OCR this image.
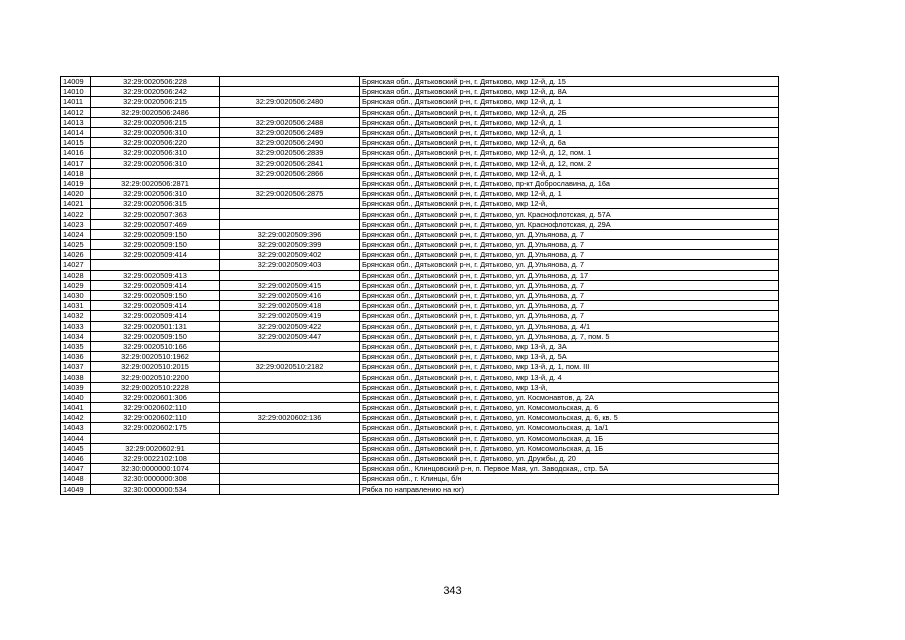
14009	32:29:0020506:228		Брянская обл., Дятьковский р-н, г. Дятьково, мкр 12-й, д. 15
14010	32:29:0020506:242		Брянская обл., Дятьковский р-н, г. Дятьково, мкр 12-й, д. 8А
14011	32:29:0020506:215	32:29:0020506:2480	Брянская обл., Дятьковский р-н, г. Дятьково, мкр 12-й, д. 1
14012	32:29:0020506:2486		Брянская обл., Дятьковский р-н, г. Дятьково, мкр 12-й, д. 2Б
14013	32:29:0020506:215	32:29:0020506:2488	Брянская обл., Дятьковский р-н, г. Дятьково, мкр 12-й, д. 1
14014	32:29:0020506:310	32:29:0020506:2489	Брянская обл., Дятьковский р-н, г. Дятьково, мкр 12-й, д. 1
14015	32:29:0020506:220	32:29:0020506:2490	Брянская обл., Дятьковский р-н, г. Дятьково, мкр 12-й, д. 6а
14016	32:29:0020506:310	32:29:0020506:2839	Брянская обл., Дятьковский р-н, г. Дятьково, мкр 12-й, д. 12, пом. 1
14017	32:29:0020506:310	32:29:0020506:2841	Брянская обл., Дятьковский р-н, г. Дятьково, мкр 12-й, д. 12, пом. 2
14018		32:29:0020506:2866	Брянская обл., Дятьковский р-н, г. Дятьково, мкр 12-й, д. 1
14019	32:29:0020506:2871		Брянская обл., Дятьковский р-н, г. Дятьково, пр-кт Доброславина, д. 16а
14020	32:29:0020506:310	32:29:0020506:2875	Брянская обл., Дятьковский р-н, г. Дятьково, мкр 12-й, д. 1
14021	32:29:0020506:315		Брянская обл., Дятьковский р-н, г. Дятьково, мкр 12-й,
14022	32:29:0020507:363		Брянская обл., Дятьковский р-н, г. Дятьково, ул. Краснофлотская, д. 57А
14023	32:29:0020507:469		Брянская обл., Дятьковский р-н, г. Дятьково, ул. Краснофлотская, д. 29А
14024	32:29:0020509:150	32:29:0020509:396	Брянская обл., Дятьковский р-н, г. Дятьково, ул. Д.Ульянова, д. 7
14025	32:29:0020509:150	32:29:0020509:399	Брянская обл., Дятьковский р-н, г. Дятьково, ул. Д.Ульянова, д. 7
14026	32:29:0020509:414	32:29:0020509:402	Брянская обл., Дятьковский р-н, г. Дятьково, ул. Д.Ульянова, д. 7
14027		32:29:0020509:403	Брянская обл., Дятьковский р-н, г. Дятьково, ул. Д.Ульянова, д. 7
14028	32:29:0020509:413		Брянская обл., Дятьковский р-н, г. Дятьково, ул. Д.Ульянова, д. 17
14029	32:29:0020509:414	32:29:0020509:415	Брянская обл., Дятьковский р-н, г. Дятьково, ул. Д.Ульянова, д. 7
14030	32:29:0020509:150	32:29:0020509:416	Брянская обл., Дятьковский р-н, г. Дятьково, ул. Д.Ульянова, д. 7
14031	32:29:0020509:414	32:29:0020509:418	Брянская обл., Дятьковский р-н, г. Дятьково, ул. Д.Ульянова, д. 7
14032	32:29:0020509:414	32:29:0020509:419	Брянская обл., Дятьковский р-н, г. Дятьково, ул. Д.Ульянова, д. 7
14033	32:29:0020501:131	32:29:0020509:422	Брянская обл., Дятьковский р-н, г. Дятьково, ул. Д.Ульянова, д. 4/1
14034	32:29:0020509:150	32:29:0020509:447	Брянская обл., Дятьковский р-н, г. Дятьково, ул. Д.Ульянова, д. 7, пом. 5
14035	32:29:0020510:166		Брянская обл., Дятьковский р-н, г. Дятьково, мкр 13-й, д. 3А
14036	32:29:0020510:1962		Брянская обл., Дятьковский р-н, г. Дятьково, мкр 13-й, д. 5А
14037	32:29:0020510:2015	32:29:0020510:2182	Брянская обл., Дятьковский р-н, г. Дятьково, мкр 13-й, д. 1, пом. III
14038	32:29:0020510:2200		Брянская обл., Дятьковский р-н, г. Дятьково, мкр 13-й, д. 4
14039	32:29:0020510:2228		Брянская обл., Дятьковский р-н, г. Дятьково, мкр 13-й,
14040	32:29:0020601:306		Брянская обл., Дятьковский р-н, г. Дятьково, ул. Космонавтов, д. 2А
14041	32:29:0020602:110		Брянская обл., Дятьковский р-н, г. Дятьково, ул. Комсомольская, д. 6
14042	32:29:0020602:110	32:29:0020602:136	Брянская обл., Дятьковский р-н, г. Дятьково, ул. Комсомольская, д. 6, кв. 5
14043	32:29:0020602:175		Брянская обл., Дятьковский р-н, г. Дятьково, ул. Комсомольская, д. 1а/1
14044			Брянская обл., Дятьковский р-н, г. Дятьково, ул. Комсомольская, д. 1Б
14045	32:29:0020602:91		Брянская обл., Дятьковский р-н, г. Дятьково, ул. Комсомольская, д. 1Б
14046	32:29:0022102:108		Брянская обл., Дятьковский р-н, г. Дятьково, ул. Дружбы, д. 20
14047	32:30:0000000:1074		Брянская обл., Клинцовский р-н, п. Первое Мая, ул. Заводская,, стр. 5А
14048	32:30:0000000:308		Брянская обл., г. Клинцы, б/н
14049	32:30:0000000:534		Рябка по направлению на юг)
343
